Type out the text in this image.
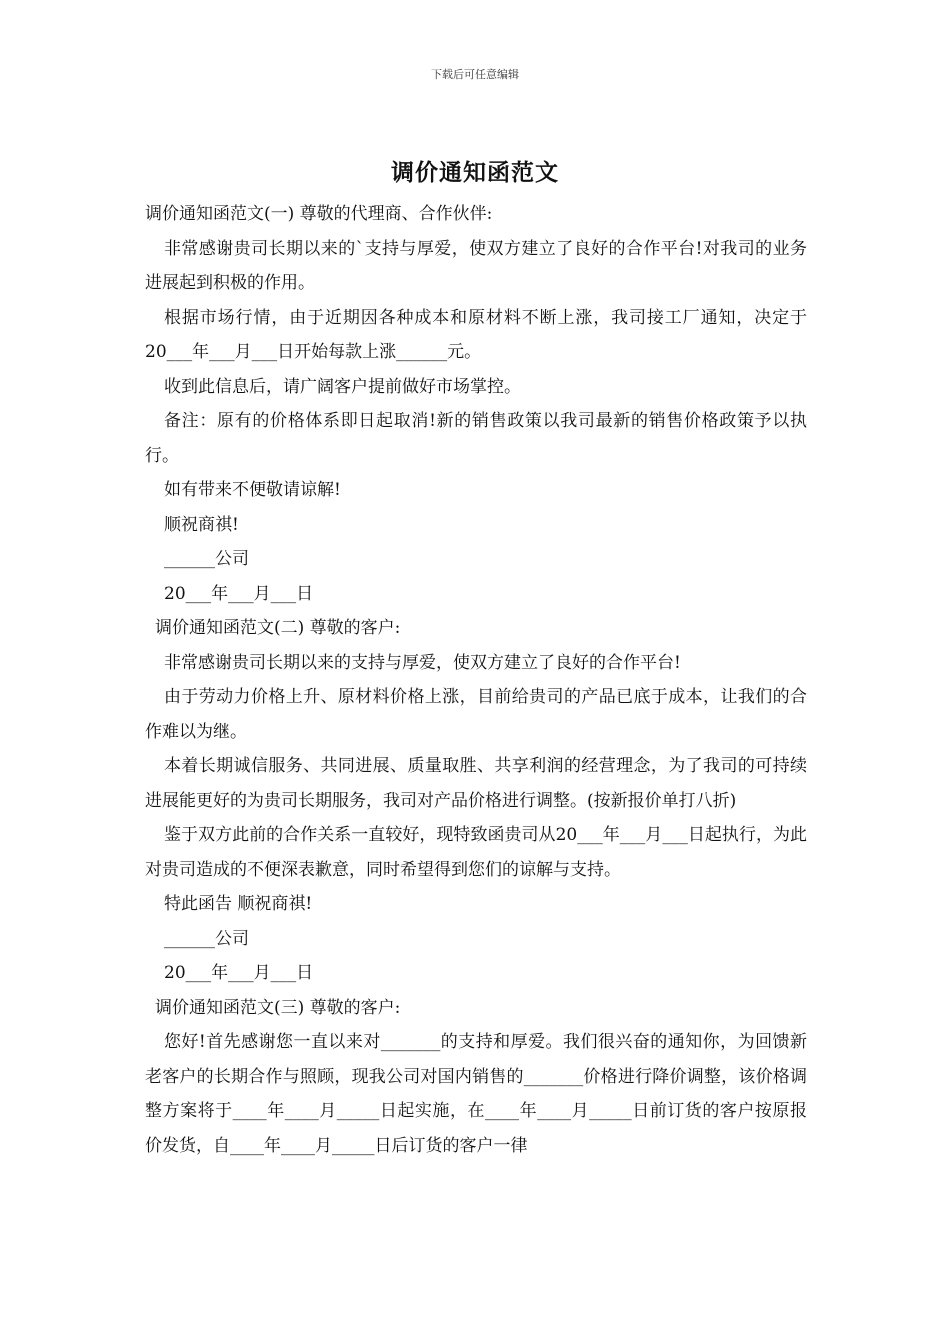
下载后可任意编辑
调价通知函范文

调价通知函范文(一) 尊敬的代理商、合作伙伴:

非常感谢贵司长期以来的`支持与厚爱，使双方建立了良好的合作平台!对我司的业务进展起到积极的作用。

根据市场行情，由于近期因各种成本和原材料不断上涨，我司接工厂通知，决定于20___年___月___日开始每款上涨______元。

收到此信息后，请广阔客户提前做好市场掌控。

备注：原有的价格体系即日起取消!新的销售政策以我司最新的销售价格政策予以执行。

如有带来不便敬请谅解!

顺祝商祺!

______公司

20___年___月___日

调价通知函范文(二) 尊敬的客户:

非常感谢贵司长期以来的支持与厚爱，使双方建立了良好的合作平台!

由于劳动力价格上升、原材料价格上涨，目前给贵司的产品已底于成本，让我们的合作难以为继。

本着长期诚信服务、共同进展、质量取胜、共享利润的经营理念，为了我司的可持续进展能更好的为贵司长期服务，我司对产品价格进行调整。(按新报价单打八折)

鉴于双方此前的合作关系一直较好，现特致函贵司从20___年___月___日起执行，为此对贵司造成的不便深表歉意，同时希望得到您们的谅解与支持。

特此函告 顺祝商祺!

______公司

20___年___月___日

调价通知函范文(三) 尊敬的客户:

您好!首先感谢您一直以来对_______的支持和厚爱。我们很兴奋的通知你，为回馈新老客户的长期合作与照顾，现我公司对国内销售的_______价格进行降价调整，该价格调整方案将于____年____月_____日起实施，在____年____月_____日前订货的客户按原报价发货，自____年____月_____日后订货的客户一律
